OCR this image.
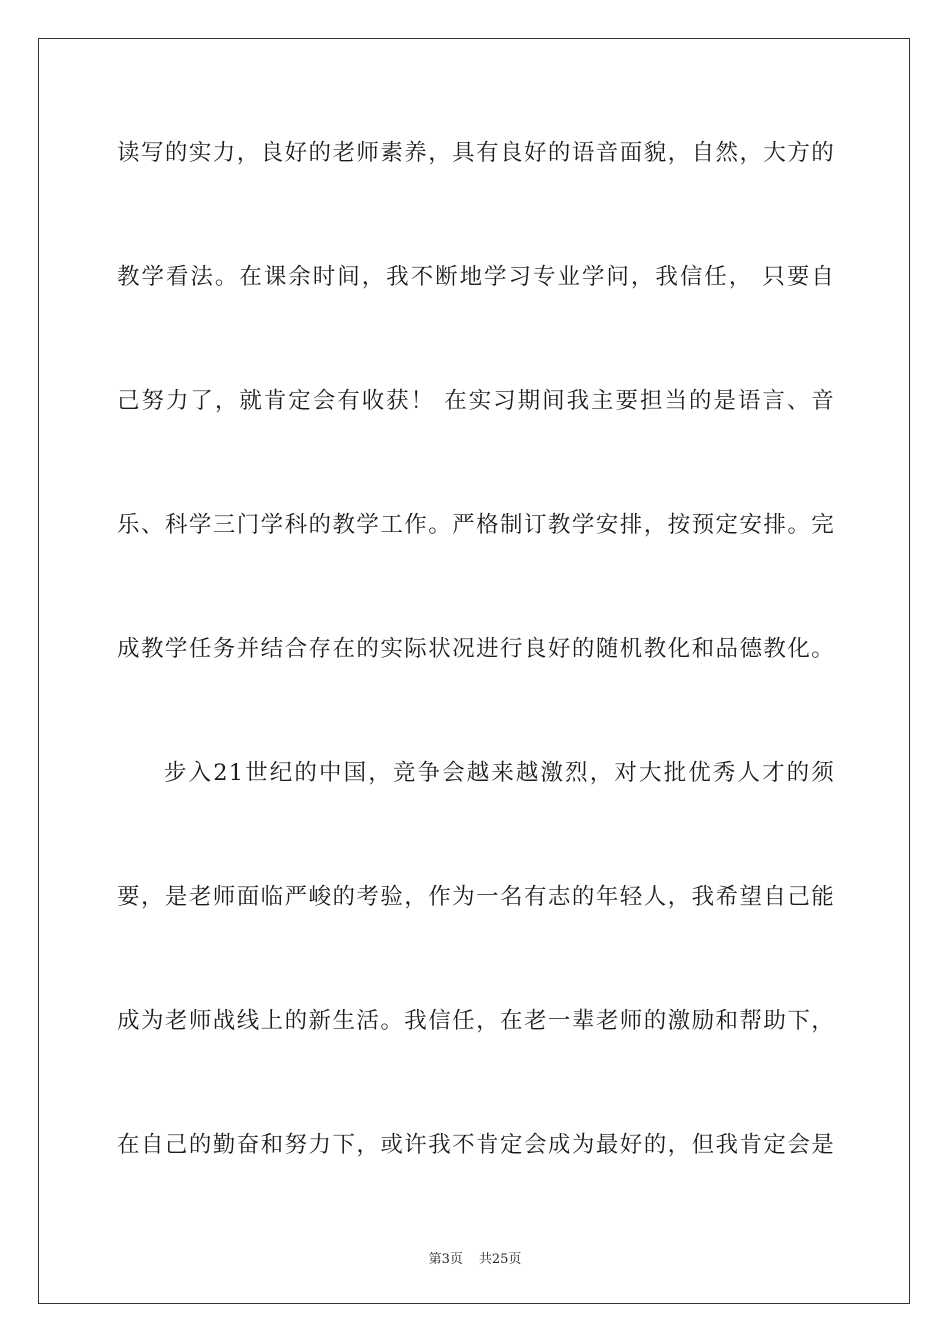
读写的实力，良好的老师素养，具有良好的语音面貌，自然，大方的
教学看法。在课余时间，我不断地学习专业学问，我信任， 只要自
己努力了，就肯定会有收获！ 在实习期间我主要担当的是语言、音
乐、科学三门学科的教学工作。严格制订教学安排，按预定安排。完
成教学任务并结合存在的实际状况进行良好的随机教化和品德教化。
步入21世纪的中国，竞争会越来越激烈，对大批优秀人才的须
要，是老师面临严峻的考验，作为一名有志的年轻人，我希望自己能
成为老师战线上的新生活。我信任，在老一辈老师的激励和帮助下，
在自己的勤奋和努力下，或许我不肯定会成为最好的，但我肯定会是
第3页 共25页
